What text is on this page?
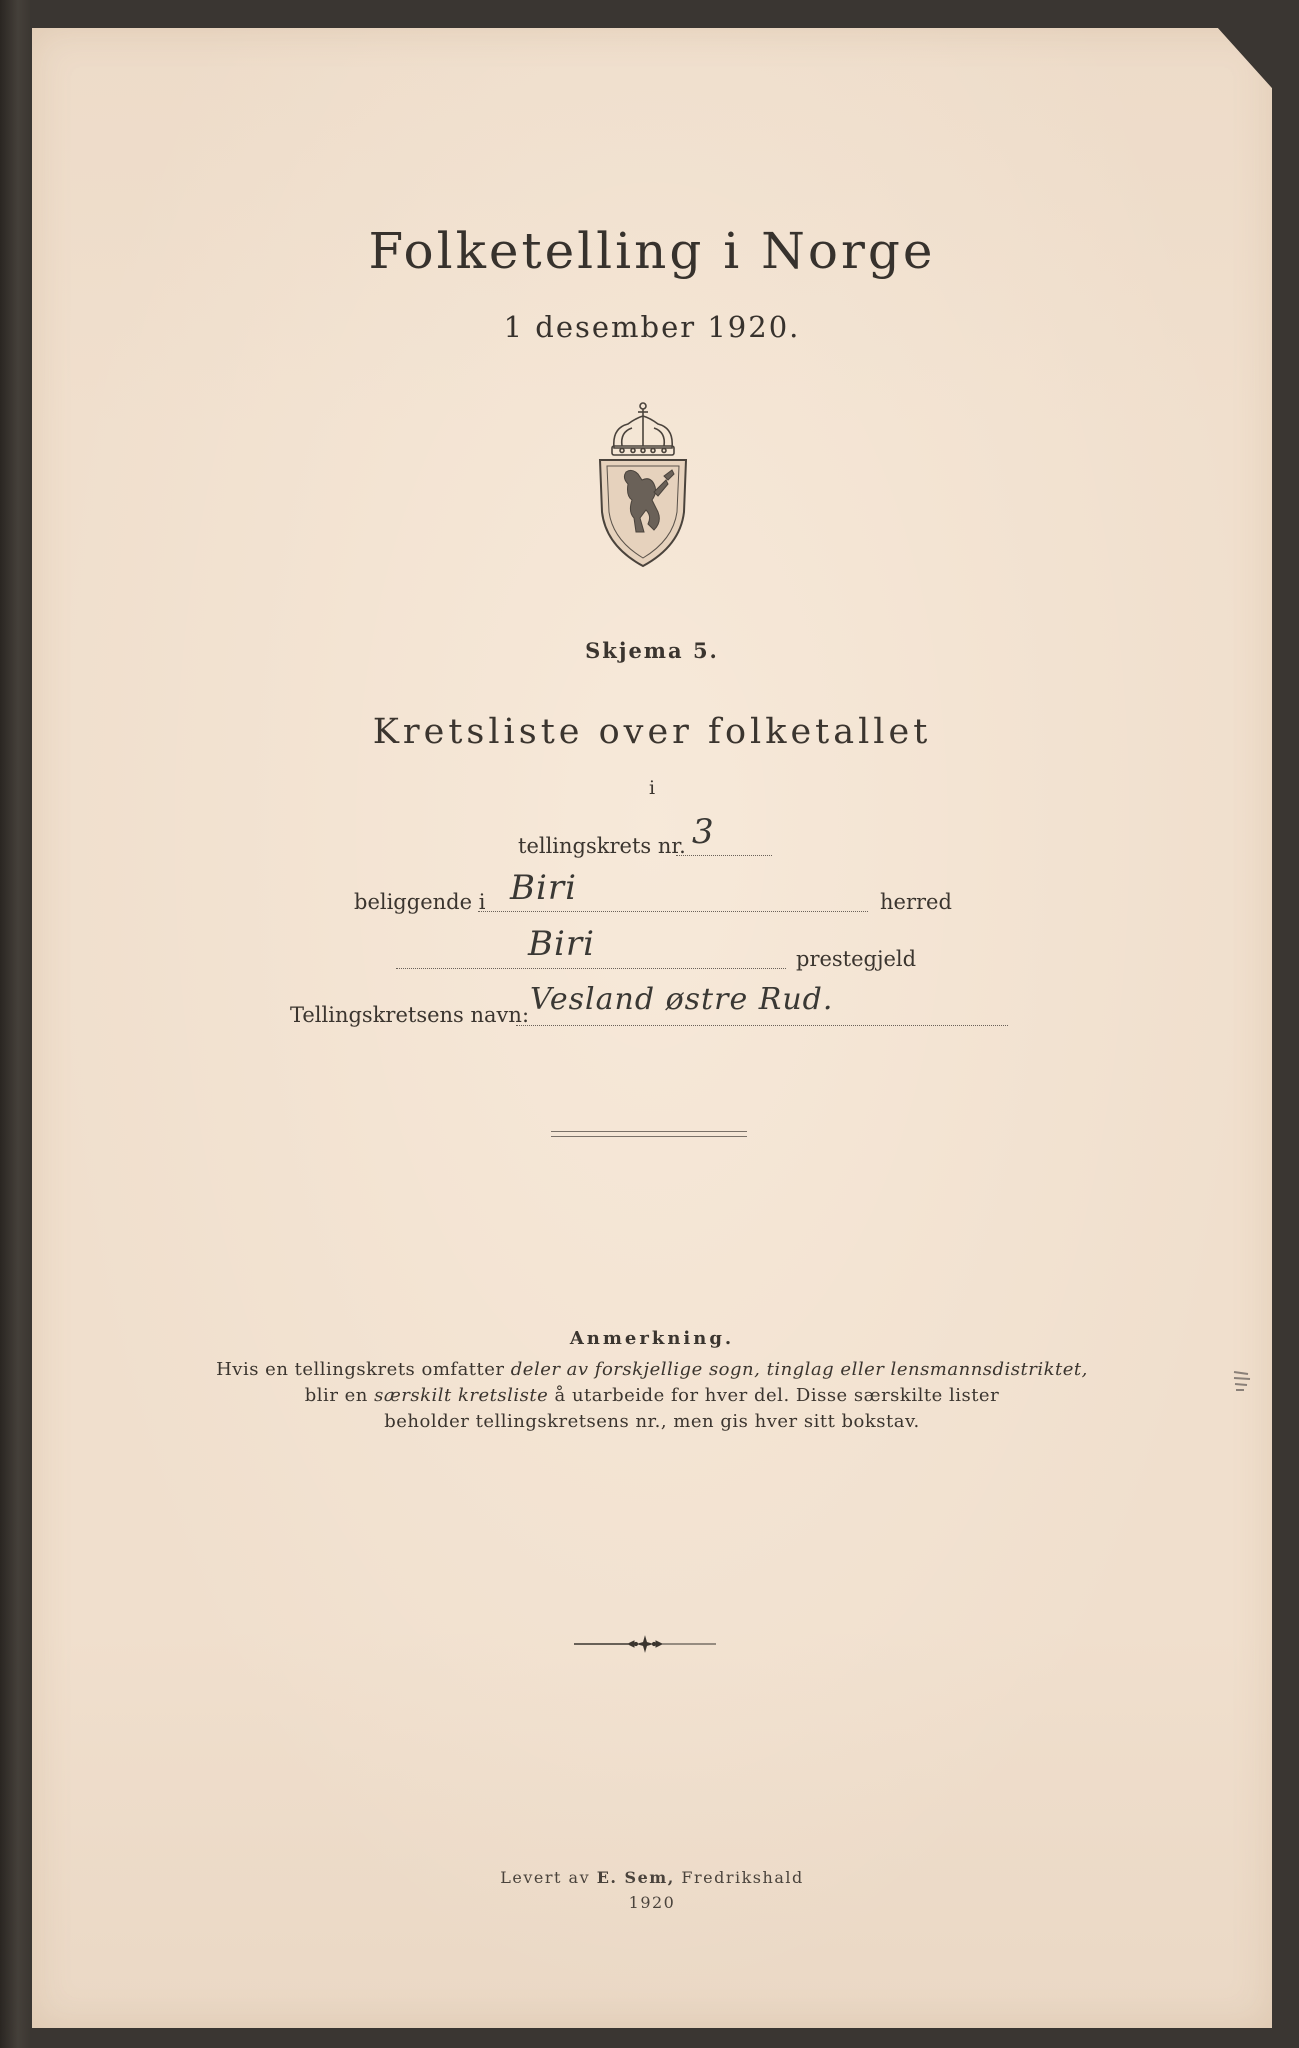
Folketelling i Norge
1 desember 1920.
Skjema 5.
Kretsliste over folketallet
i
tellingskrets nr. 3
beliggende i Biri	herred
Biri	prestegjeld
Tellingskretsens navn: Vesland østre Rud.
Anmerkning.
Hvis en tellingskrets omfatter deler av forskjellige sogn, tinglag eller lensmannsdistriktet,
blir en særskilt kretsliste å utarbeide for hver del. Disse særskilte lister
beholder tellingskretsens nr., men gis hver sitt bokstav.
Levert av E. Sem, Fredrikshald
1920
